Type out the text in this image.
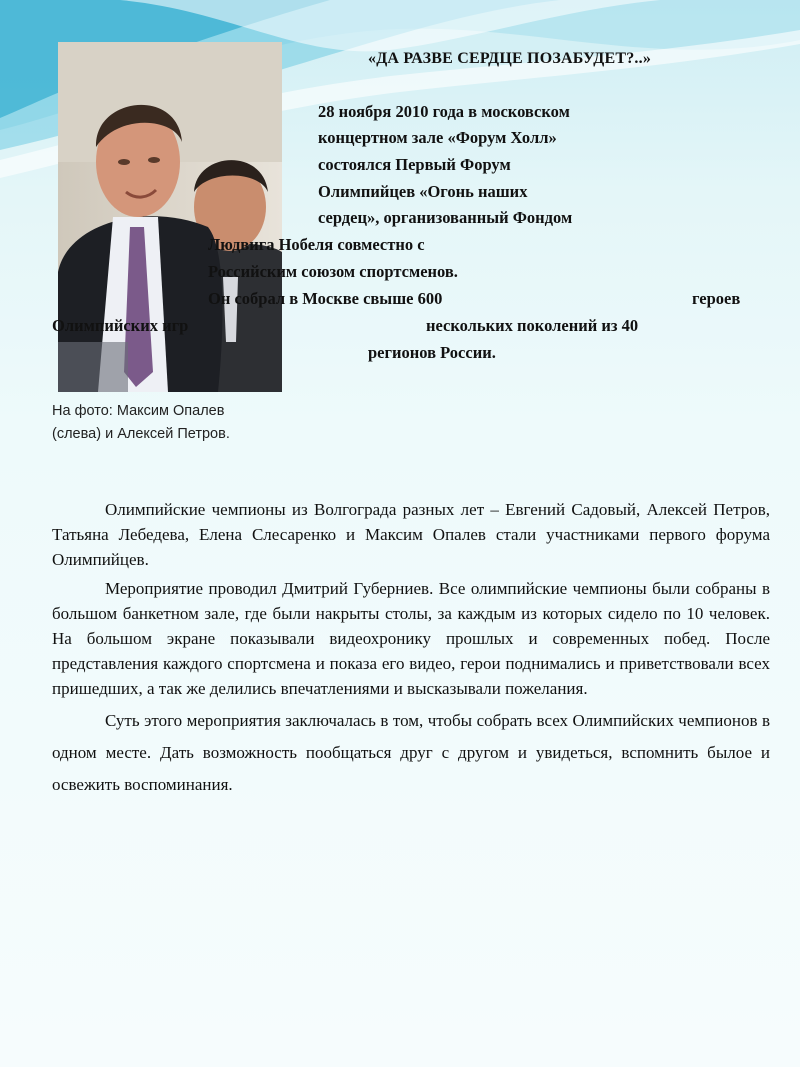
«ДА РАЗВЕ СЕРДЦЕ ПОЗАБУДЕТ?..»
28 ноября 2010 года в московском
концертном зале «Форум Холл»
состоялся Первый Форум
Олимпийцев «Огонь наших
сердец», организованный Фондом
Людвига Нобеля совместно с
Российским союзом спортсменов.
Он собрал в Москве свыше 600	героев
Олимпийских игр	нескольких поколений из 40
регионов России.
На фото: Максим Опалев
(слева) и Алексей Петров.

Олимпийские чемпионы из Волгограда разных лет – Евгений Садовый, Алексей Петров, Татьяна Лебедева, Елена Слесаренко и Максим Опалев стали участниками первого форума Олимпийцев.

Мероприятие проводил Дмитрий Губерниев. Все олимпийские чемпионы были собраны в большом банкетном зале, где были накрыты столы, за каждым из которых сидело по 10 человек. На большом экране показывали видеохронику прошлых и современных побед. После представления каждого спортсмена и показа его видео, герои поднимались и приветствовали всех пришедших, а так же делились впечатлениями и высказывали пожелания.

Суть этого мероприятия заключалась в том, чтобы собрать всех Олимпийских чемпионов в одном месте. Дать возможность пообщаться друг с другом и увидеться, вспомнить былое и освежить воспоминания.
